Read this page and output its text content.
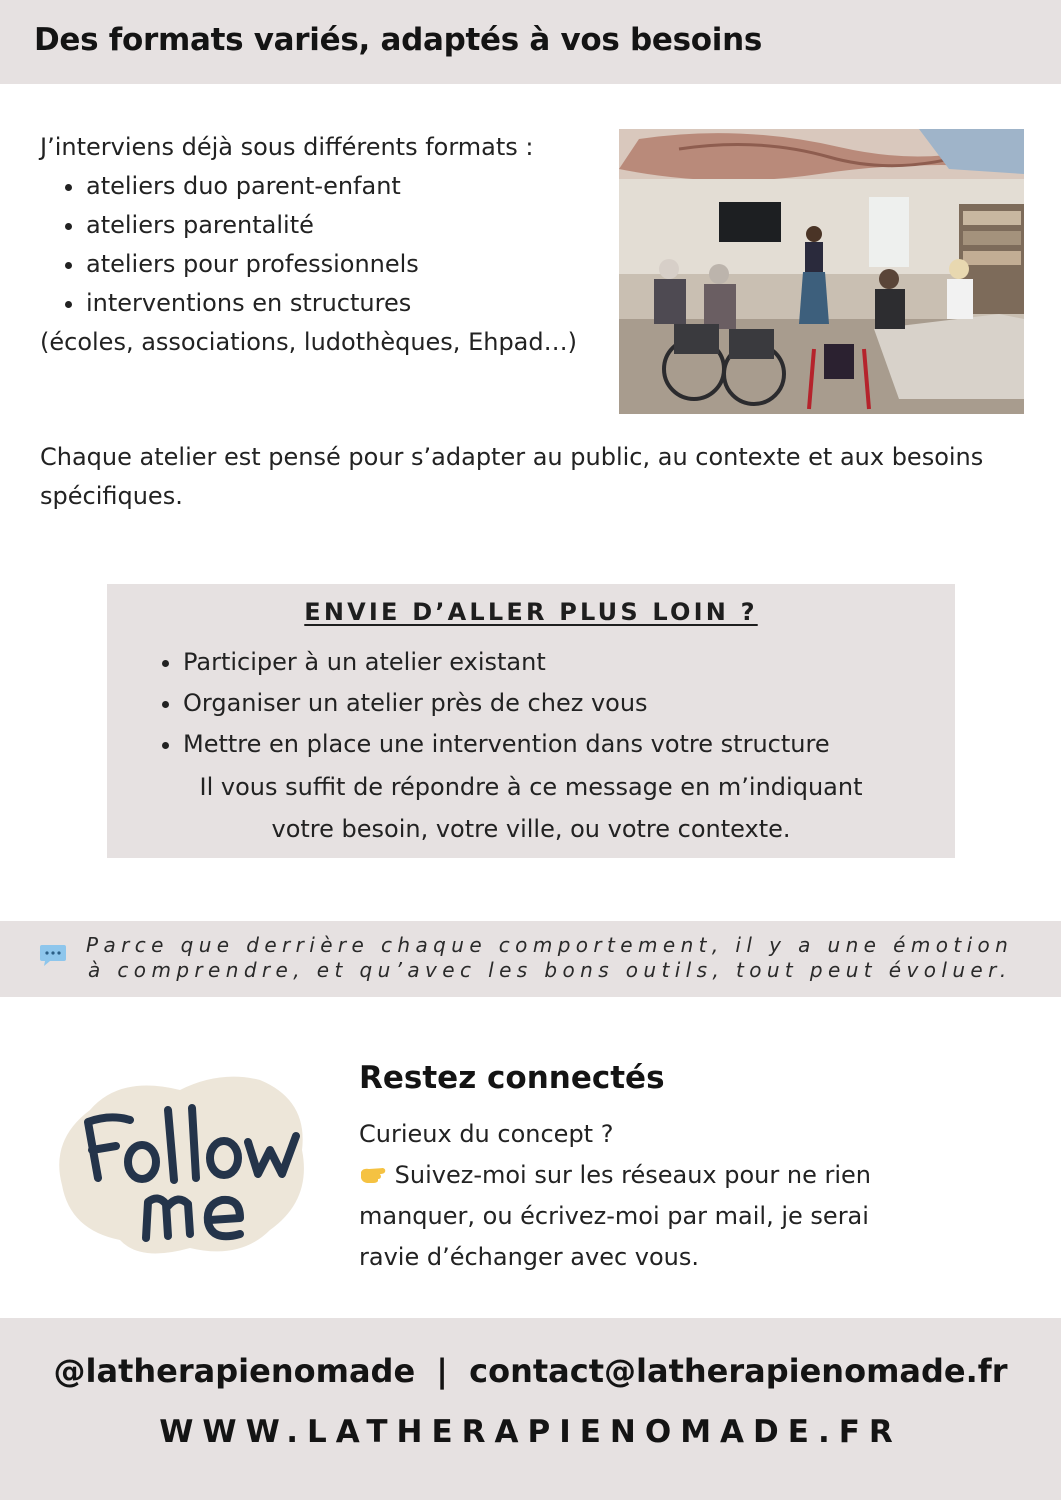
Des formats variés, adaptés à vos besoins
J’interviens déjà sous différents formats :
• ateliers duo parent-enfant
• ateliers parentalité
• ateliers pour professionnels
• interventions en structures
(écoles, associations, ludothèques, Ehpad…)

Chaque atelier est pensé pour s’adapter au public, au contexte et aux besoins spécifiques.

ENVIE D’ALLER PLUS LOIN ?
• Participer à un atelier existant
• Organiser un atelier près de chez vous
• Mettre en place une intervention dans votre structure
Il vous suffit de répondre à ce message en m’indiquant
votre besoin, votre ville, ou votre contexte.
Parce que derrière chaque comportement, il y a une émotion
à comprendre, et qu’avec les bons outils, tout peut évoluer.
Restez connectés
Curieux du concept ?
Suivez-moi sur les réseaux pour ne rien manquer, ou écrivez-moi par mail, je serai ravie d’échanger avec vous.

@latherapienomade | contact@latherapienomade.fr

WWW.LATHERAPIENOMADE.FR
